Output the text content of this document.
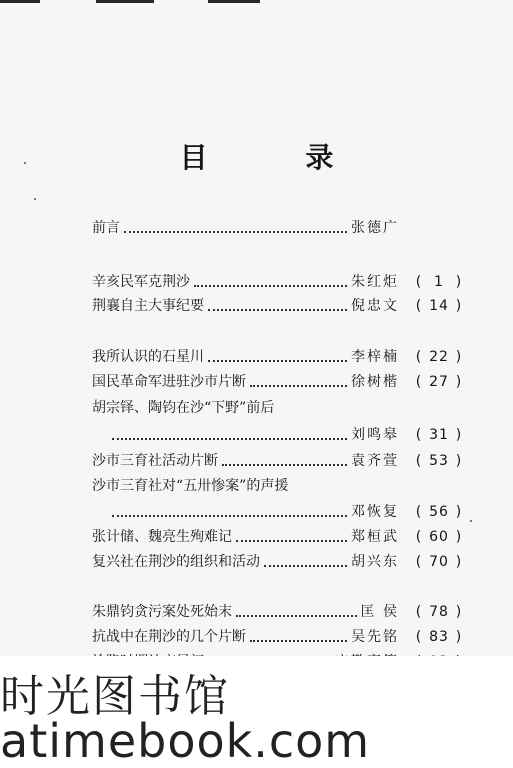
目 录
前言	张德广
辛亥民军克荆沙	朱红炬	( 1 )
荆襄自主大事纪要	倪忠文	( 14 )
我所认识的石星川	李梓楠	( 22 )
国民革命军进驻沙市片断	徐树楷	( 27 )
胡宗铎、陶钧在沙“下野”前后
刘鸣皋	( 31 )
沙市三育社活动片断	袁齐萱	( 53 )
沙市三育社对“五卅惨案”的声援
邓恢复	( 56 )
张计储、魏亮生殉难记	郑桓武	( 60 )
复兴社在荆沙的组织和活动	胡兴东	( 70 )
朱鼎钧贪污案处死始末	匡 侯	( 78 )
抗战中在荆沙的几个片断	吴先铭	( 83 )
时光图书馆
atimebook.com
